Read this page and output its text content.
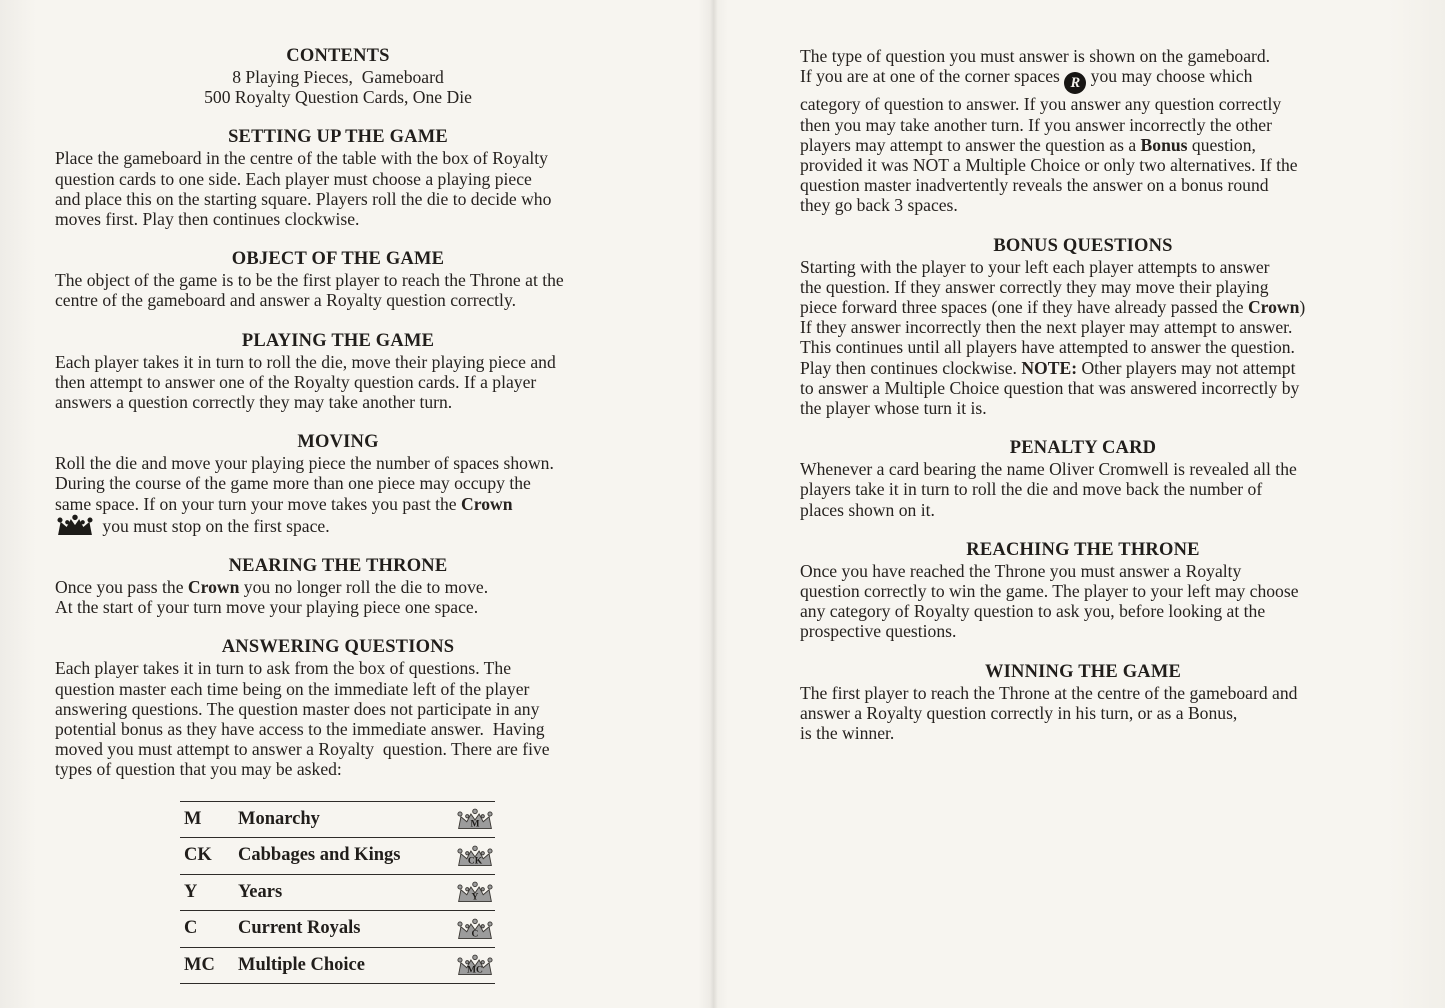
CONTENTS
8 Playing Pieces,  Gameboard
500 Royalty Question Cards, One Die
SETTING UP THE GAME
Place the gameboard in the centre of the table with the box of Royalty
question cards to one side. Each player must choose a playing piece
and place this on the starting square. Players roll the die to decide who
moves first. Play then continues clockwise.
OBJECT OF THE GAME
The object of the game is to be the first player to reach the Throne at the
centre of the gameboard and answer a Royalty question correctly.
PLAYING THE GAME
Each player takes it in turn to roll the die, move their playing piece and
then attempt to answer one of the Royalty question cards. If a player
answers a question correctly they may take another turn.
MOVING
Roll the die and move your playing piece the number of spaces shown.
During the course of the game more than one piece may occupy the
same space. If on your turn your move takes you past the Crown
you must stop on the first space.
NEARING THE THRONE
Once you pass the Crown you no longer roll the die to move.
At the start of your turn move your playing piece one space.
ANSWERING QUESTIONS
Each player takes it in turn to ask from the box of questions. The
question master each time being on the immediate left of the player
answering questions. The question master does not participate in any
potential bonus as they have access to the immediate answer.  Having
moved you must attempt to answer a Royalty  question. There are five
types of question that you may be asked:
M	Monarchy	M
CK	Cabbages and Kings	CK
Y	Years	Y
C	Current Royals	C
MC	Multiple Choice	MC
The type of question you must answer is shown on the gameboard.
If you are at one of the corner spaces R you may choose which
category of question to answer. If you answer any question correctly
then you may take another turn. If you answer incorrectly the other
players may attempt to answer the question as a Bonus question,
provided it was NOT a Multiple Choice or only two alternatives. If the
question master inadvertently reveals the answer on a bonus round
they go back 3 spaces.
BONUS QUESTIONS
Starting with the player to your left each player attempts to answer
the question. If they answer correctly they may move their playing
piece forward three spaces (one if they have already passed the Crown)
If they answer incorrectly then the next player may attempt to answer.
This continues until all players have attempted to answer the question.
Play then continues clockwise. NOTE: Other players may not attempt
to answer a Multiple Choice question that was answered incorrectly by
the player whose turn it is.
PENALTY CARD
Whenever a card bearing the name Oliver Cromwell is revealed all the
players take it in turn to roll the die and move back the number of
places shown on it.
REACHING THE THRONE
Once you have reached the Throne you must answer a Royalty
question correctly to win the game. The player to your left may choose
any category of Royalty question to ask you, before looking at the
prospective questions.
WINNING THE GAME
The first player to reach the Throne at the centre of the gameboard and
answer a Royalty question correctly in his turn, or as a Bonus,
is the winner.
